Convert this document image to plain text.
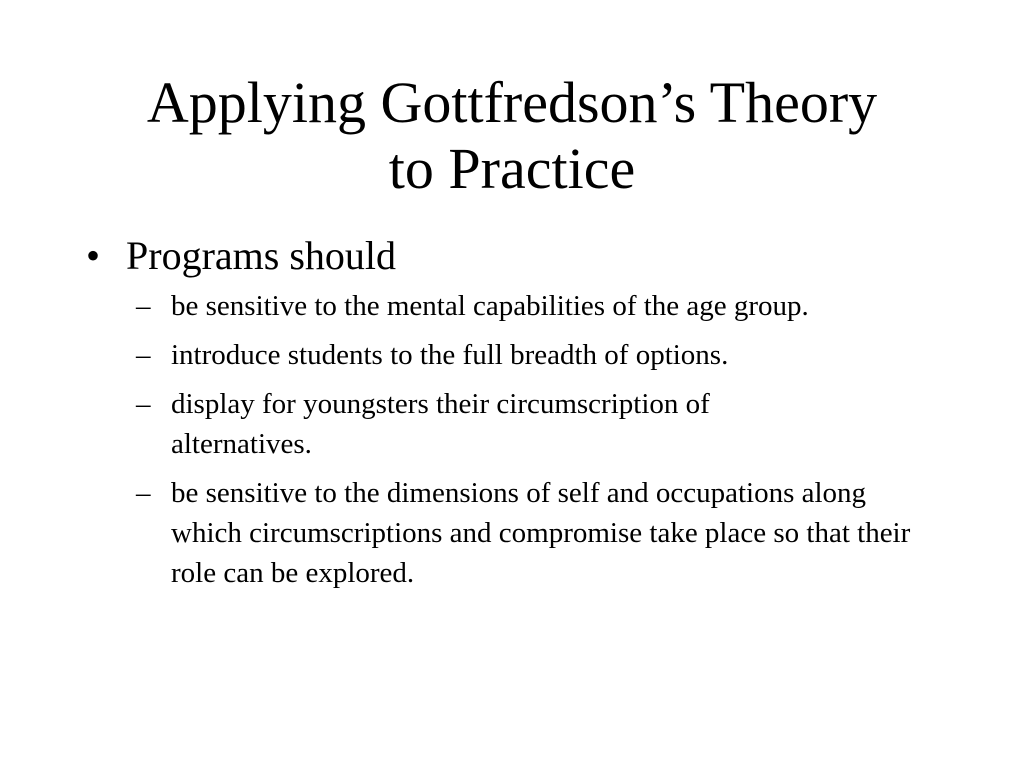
Applying Gottfredson’s Theory
to Practice
• Programs should
– be sensitive to the mental capabilities of the age group.
– introduce students to the full breadth of options.
– display for youngsters their circumscription of alternatives.
– be sensitive to the dimensions of self and occupations along which circumscriptions and compromise take place so that their role can be explored.
